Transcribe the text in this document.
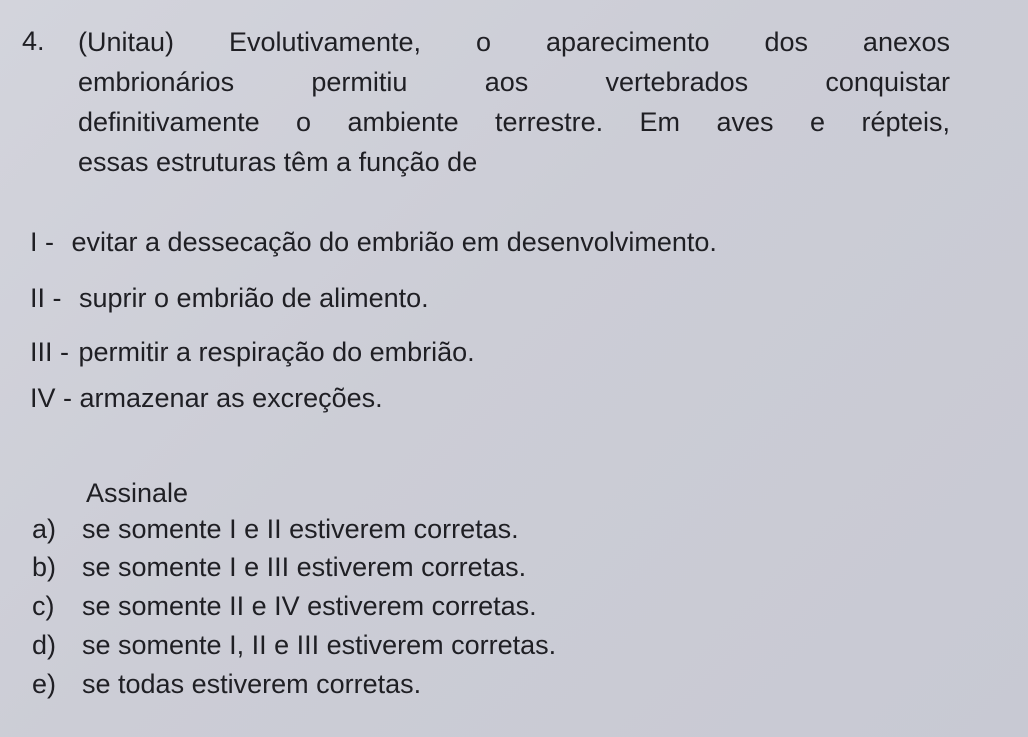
4. (Unitau) Evolutivamente, o aparecimento dos anexos
embrionários permitiu aos vertebrados conquistar
definitivamente o ambiente terrestre. Em aves e répteis,
essas estruturas têm a função de
I - evitar a dessecação do embrião em desenvolvimento.
II - suprir o embrião de alimento.
III - permitir a respiração do embrião.
IV - armazenar as excreções.
Assinale
a) se somente I e II estiverem corretas.
b) se somente I e III estiverem corretas.
c) se somente II e IV estiverem corretas.
d) se somente I, II e III estiverem corretas.
e) se todas estiverem corretas.
